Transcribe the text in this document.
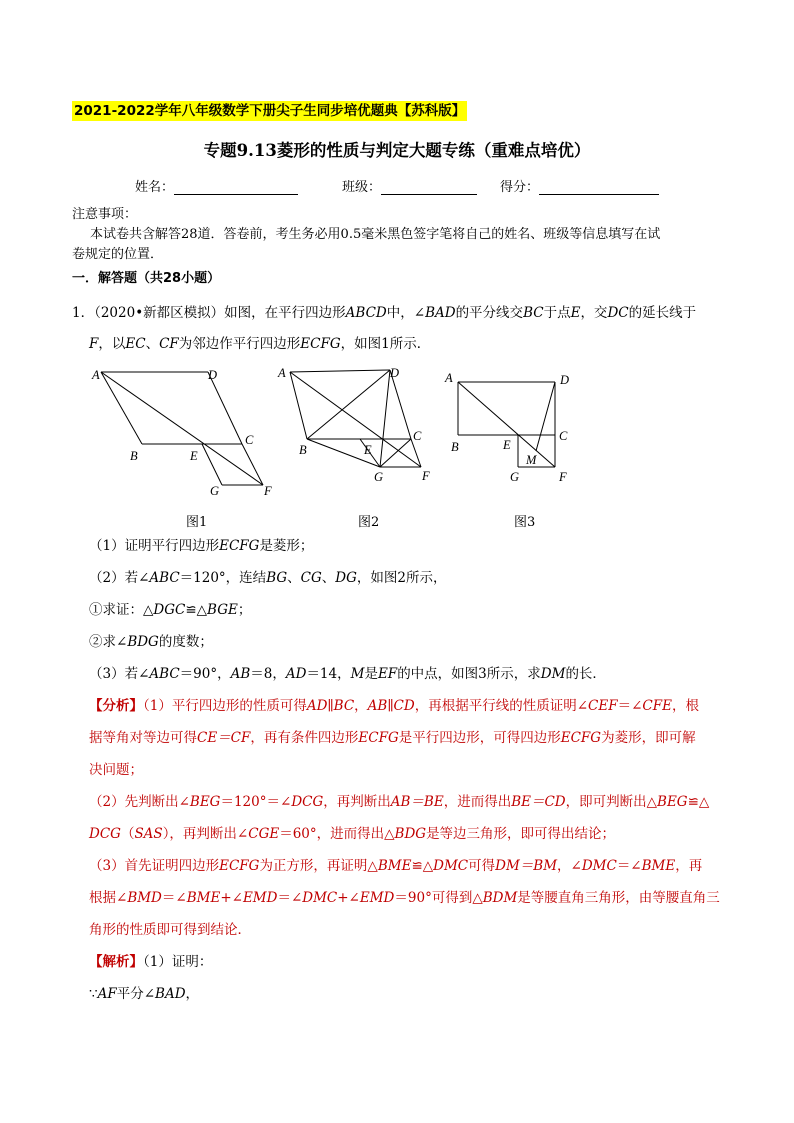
2021-2022学年八年级数学下册尖子生同步培优题典【苏科版】
专题9.13菱形的性质与判定大题专练（重难点培优）
姓名：	班级：	得分：
注意事项：
本试卷共含解答28道．答卷前，考生务必用0.5毫米黑色签字笔将自己的姓名、班级等信息填写在试
卷规定的位置．
一．解答题（共28小题）
1．（2020•新都区模拟）如图，在平行四边形ABCD中，∠BAD的平分线交BC于点E，交DC的延长线于
F，以EC、CF为邻边作平行四边形ECFG，如图1所示．
A	D
B	E
C
G	F
A	D
B	E
C
G	F
A	D
B	E
C
M
G	F
图1	图2	图3
（1）证明平行四边形ECFG是菱形；
（2）若∠ABC＝120°，连结BG、CG、DG，如图2所示，
①求证：△DGC≌△BGE；
②求∠BDG的度数；
（3）若∠ABC＝90°，AB＝8，AD＝14，M是EF的中点，如图3所示，求DM的长．
【分析】（1）平行四边形的性质可得AD∥BC，AB∥CD，再根据平行线的性质证明∠CEF＝∠CFE，根
据等角对等边可得CE＝CF，再有条件四边形ECFG是平行四边形，可得四边形ECFG为菱形，即可解
决问题；
（2）先判断出∠BEG＝120°＝∠DCG，再判断出AB＝BE，进而得出BE＝CD，即可判断出△BEG≌△
DCG（SAS），再判断出∠CGE＝60°，进而得出△BDG是等边三角形，即可得出结论；
（3）首先证明四边形ECFG为正方形，再证明△BME≌△DMC可得DM＝BM，∠DMC＝∠BME，再
根据∠BMD＝∠BME+∠EMD＝∠DMC+∠EMD＝90°可得到△BDM是等腰直角三角形，由等腰直角三
角形的性质即可得到结论．
【解析】（1）证明：
∵AF平分∠BAD，
